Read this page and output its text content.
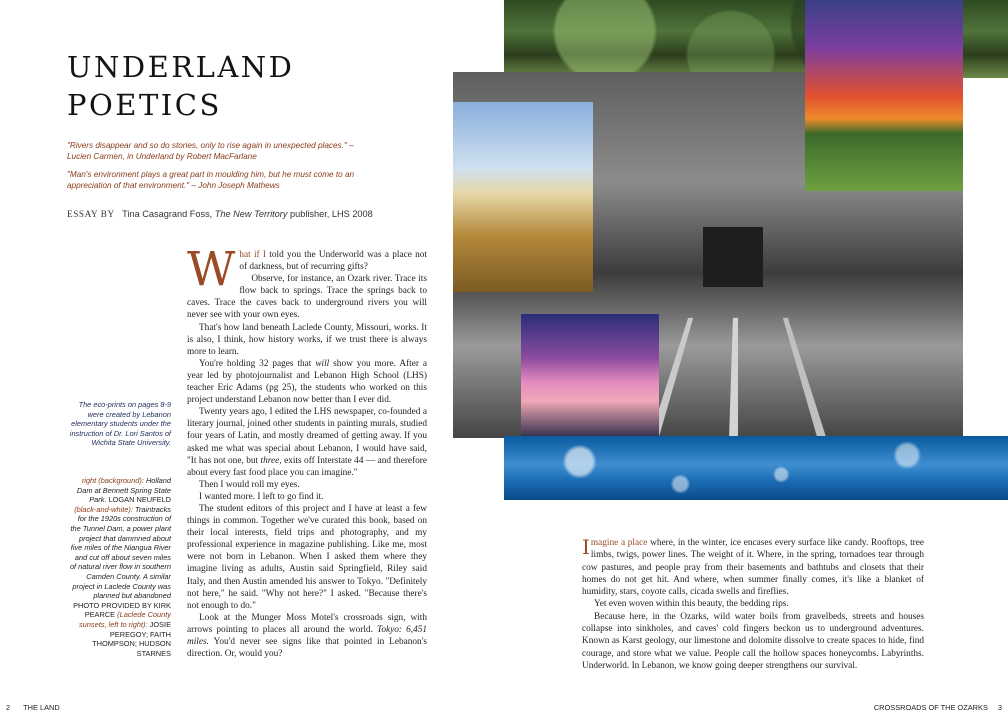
UNDERLAND
POETICS

"Rivers disappear and so do stories, only to rise again in unexpected places." – Lucien Carmen, in Underland by Robert MacFarlane

"Man's environment plays a great part in moulding him, but he must come to an appreciation of that environment." – John Joseph Mathews

ESSAY BY Tina Casagrand Foss, The New Territory publisher, LHS 2008
The eco-prints on pages 8-9 were created by Lebanon elementary students under the instruction of Dr. Lori Santos of Wichita State University.
right (background): Holland Dam at Bennett Spring State Park. LOGAN NEUFELD (black-and-white): Traintracks for the 1920s construction of the Tunnel Dam, a power plant project that dammned about five miles of the Niangua River and cut off about seven miles of natural river flow in southern Camden County. A similar project in Laclede County was planned but abandoned PHOTO PROVIDED BY KIRK PEARCE (Laclede County sunsets, left to right): JOSIE PEREGOY; FAITH THOMPSON; HUDSON STARNES

What if I told you the Underworld was a place not of darkness, but of recurring gifts?

Observe, for instance, an Ozark river. Trace its flow back to springs. Trace the springs back to caves. Trace the caves back to underground rivers you will never see with your own eyes.

That's how land beneath Laclede County, Missouri, works. It is also, I think, how history works, if we trust there is always more to learn.

You're holding 32 pages that will show you more. After a year led by photojournalist and Lebanon High School (LHS) teacher Eric Adams (pg 25), the students who worked on this project understand Lebanon now better than I ever did.

Twenty years ago, I edited the LHS newspaper, co-founded a literary journal, joined other students in painting murals, studied four years of Latin, and mostly dreamed of getting away. If you asked me what was special about Lebanon, I would have said, "It has not one, but three, exits off Interstate 44 — and therefore about every fast food place you can imagine."

Then I would roll my eyes.

I wanted more. I left to go find it.

The student editors of this project and I have at least a few things in common. Together we've curated this book, based on their local interests, field trips and photography, and my professional experience in magazine publishing. Like me, most were not born in Lebanon. When I asked them where they imagine living as adults, Austin said Springfield, Riley said Italy, and then Austin amended his answer to Tokyo. "Definitely not here," he said. "Why not here?" I asked. "Because there's not enough to do."

Look at the Munger Moss Motel's crossroads sign, with arrows pointing to places all around the world. Tokyo: 6,451 miles. You'd never see signs like that pointed in Lebanon's direction. Or, would you?

Imagine a place where, in the winter, ice encases every surface like candy. Rooftops, tree limbs, twigs, power lines. The weight of it. Where, in the spring, tornadoes tear through cow pastures, and people pray from their basements and bathtubs and closets that their homes do not get hit. And where, when summer finally comes, it's like a blanket of humidity, stars, coyote calls, cicada swells and fireflies.

Yet even woven within this beauty, the bedding rips.

Because here, in the Ozarks, wild water boils from gravelbeds, streets and houses collapse into sinkholes, and caves' cold fingers beckon us to underground adventures. Known as Karst geology, our limestone and dolomite dissolve to create spaces to hide, find courage, and store what we value. People call the hollow spaces honeycombs. Labyrinths. Underworld. In Lebanon, we know going deeper strengthens our survival.

2 THE LAND	CROSSROADS OF THE OZARKS 3
